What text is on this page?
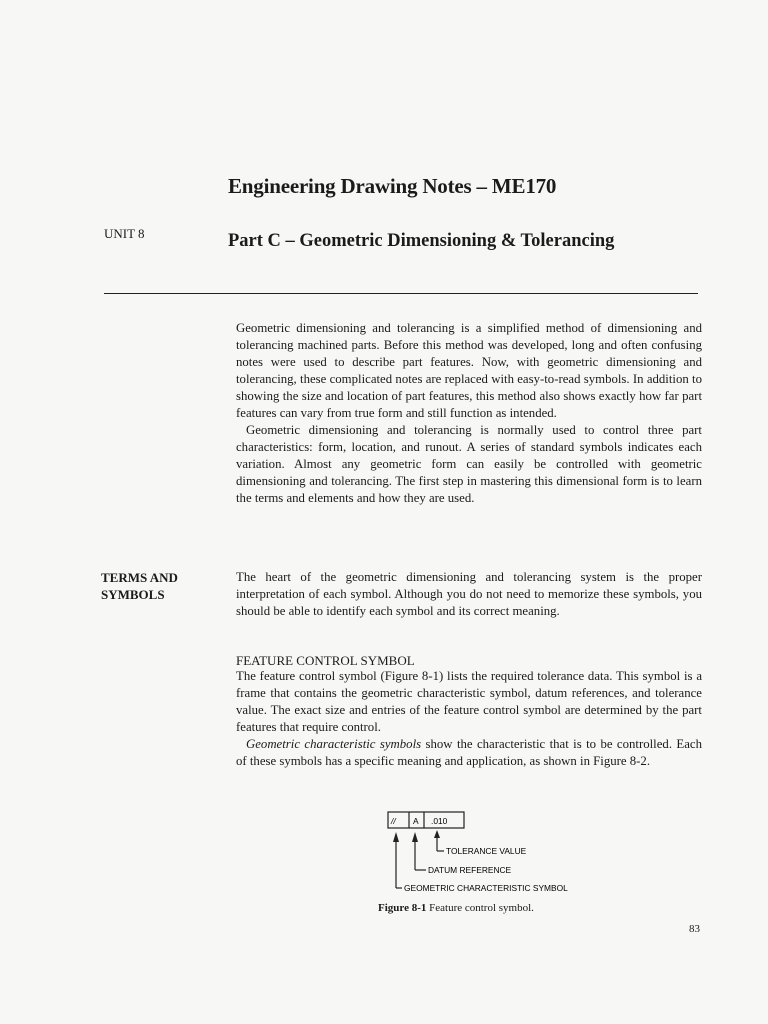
Engineering Drawing Notes – ME170
UNIT 8	Part C – Geometric Dimensioning & Tolerancing

Geometric dimensioning and tolerancing is a simplified method of dimensioning and tolerancing machined parts. Before this method was developed, long and often confusing notes were used to describe part features. Now, with geometric dimensioning and tolerancing, these complicated notes are replaced with easy-to-read symbols. In addition to showing the size and location of part features, this method also shows exactly how far part features can vary from true form and still function as intended.

Geometric dimensioning and tolerancing is normally used to control three part characteristics: form, location, and runout. A series of standard symbols indicates each variation. Almost any geometric form can easily be controlled with geometric dimensioning and tolerancing. The first step in mastering this dimensional form is to learn the terms and elements and how they are used.

TERMS AND
SYMBOLS

The heart of the geometric dimensioning and tolerancing system is the proper interpretation of each symbol. Although you do not need to memorize these symbols, you should be able to identify each symbol and its correct meaning.

FEATURE CONTROL SYMBOL

The feature control symbol (Figure 8-1) lists the required tolerance data. This symbol is a frame that contains the geometric characteristic symbol, datum references, and tolerance value. The exact size and entries of the feature control symbol are determined by the part features that require control.

Geometric characteristic symbols show the characteristic that is to be controlled. Each of these symbols has a specific meaning and application, as shown in Figure 8-2.

// A .010
TOLERANCE VALUE
DATUM REFERENCE
GEOMETRIC CHARACTERISTIC SYMBOL
Figure 8-1 Feature control symbol.
83
